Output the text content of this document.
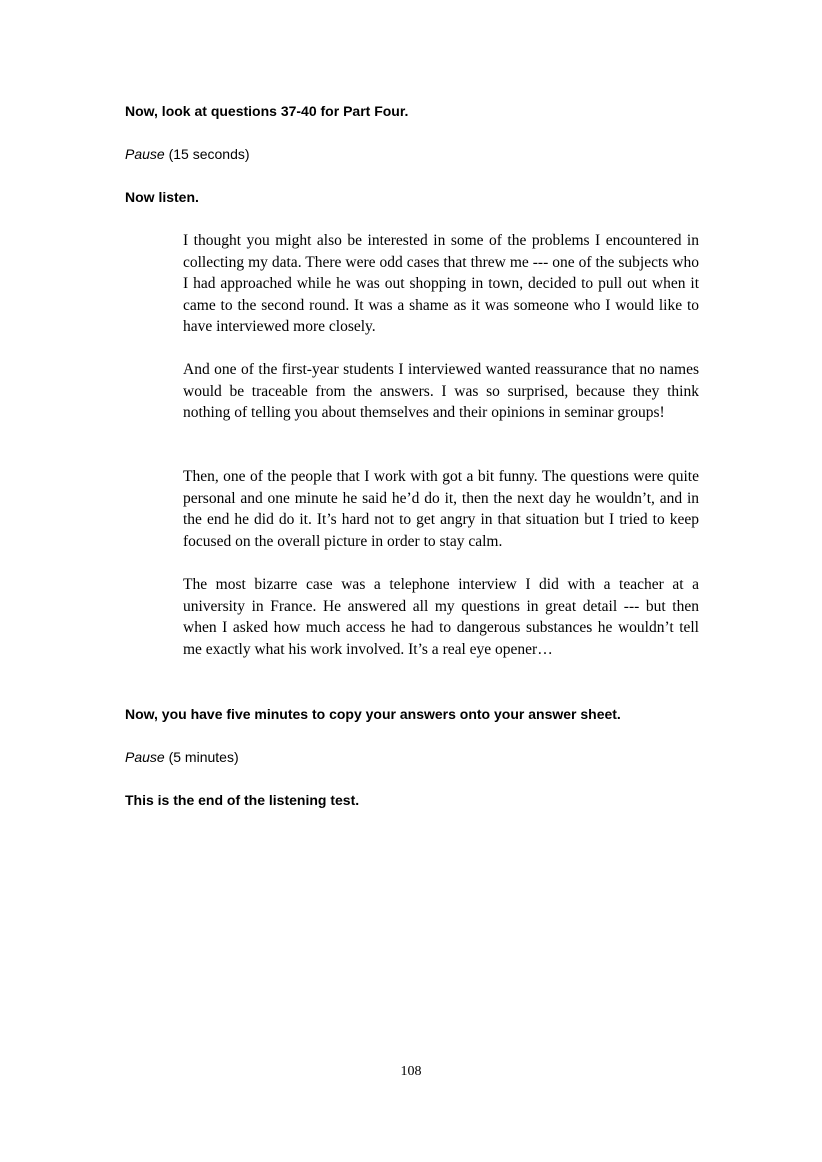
Now, look at questions 37-40 for Part Four.

Pause (15 seconds)

Now listen.

I thought you might also be interested in some of the problems I encountered in collecting my data. There were odd cases that threw me --- one of the subjects who I had approached while he was out shopping in town, decided to pull out when it came to the second round. It was a shame as it was someone who I would like to have interviewed more closely.

And one of the first-year students I interviewed wanted reassurance that no names would be traceable from the answers. I was so surprised, because they think nothing of telling you about themselves and their opinions in seminar groups!

Then, one of the people that I work with got a bit funny. The questions were quite personal and one minute he said he’d do it, then the next day he wouldn’t, and in the end he did do it. It’s hard not to get angry in that situation but I tried to keep focused on the overall picture in order to stay calm.

The most bizarre case was a telephone interview I did with a teacher at a university in France. He answered all my questions in great detail --- but then when I asked how much access he had to dangerous substances he wouldn’t tell me exactly what his work involved. It’s a real eye opener…

Now, you have five minutes to copy your answers onto your answer sheet.

Pause (5 minutes)

This is the end of the listening test.

108
